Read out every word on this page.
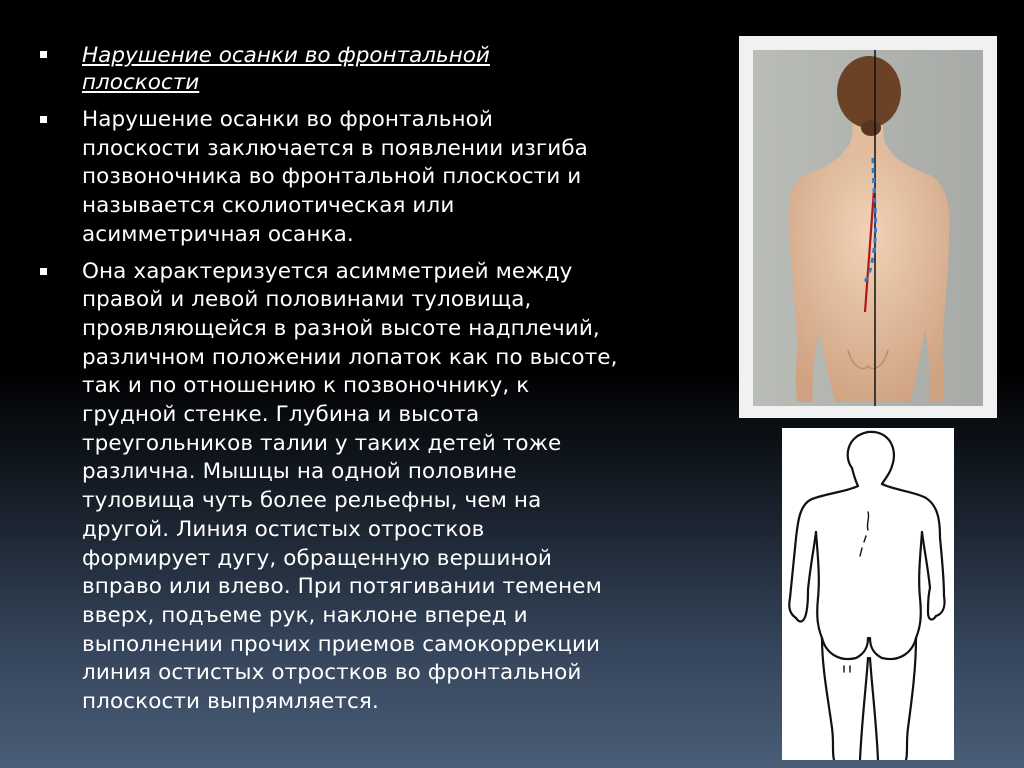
Нарушение осанки во фронтальной
плоскости
Нарушение осанки во фронтальной
плоскости заключается в появлении изгиба
позвоночника во фронтальной плоскости и
называется сколиотическая или
асимметричная осанка.
Она характеризуется асимметрией между
правой и левой половинами туловища,
проявляющейся в разной высоте надплечий,
различном положении лопаток как по высоте,
так и по отношению к позвоночнику, к
грудной стенке. Глубина и высота
треугольников талии у таких детей тоже
различна. Мышцы на одной половине
туловища чуть более рельефны, чем на
другой. Линия остистых отростков
формирует дугу, обращенную вершиной
вправо или влево. При потягивании теменем
вверх, подъеме рук, наклоне вперед и
выполнении прочих приемов самокоррекции
линия остистых отростков во фронтальной
плоскости выпрямляется.
